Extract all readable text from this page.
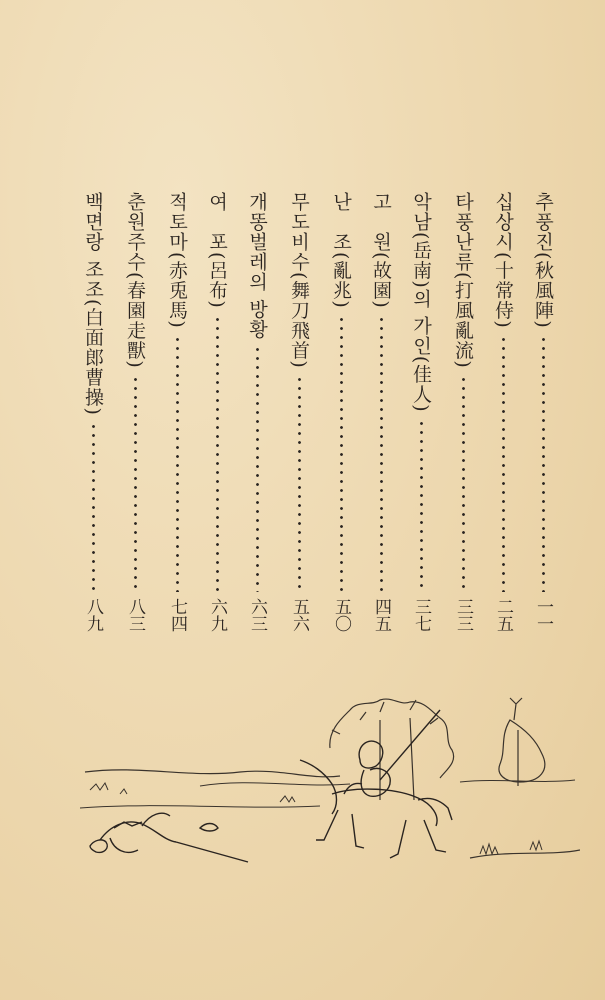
추풍진(秋風陣)
一一
십상시(十常侍)
二五
타풍난류(打風亂流)
三三
악남(岳南)의 가인(佳人)
三七
고　원(故園)
四五
난　조(亂兆)
五〇
무도비수(舞刀飛首)
五六
개똥벌레의 방황
六三
여　포(呂布)
六九
적토마(赤兎馬)
七四
춘원주수(春園走獸)
八三
백면랑 조조(白面郎曹操)
八九
